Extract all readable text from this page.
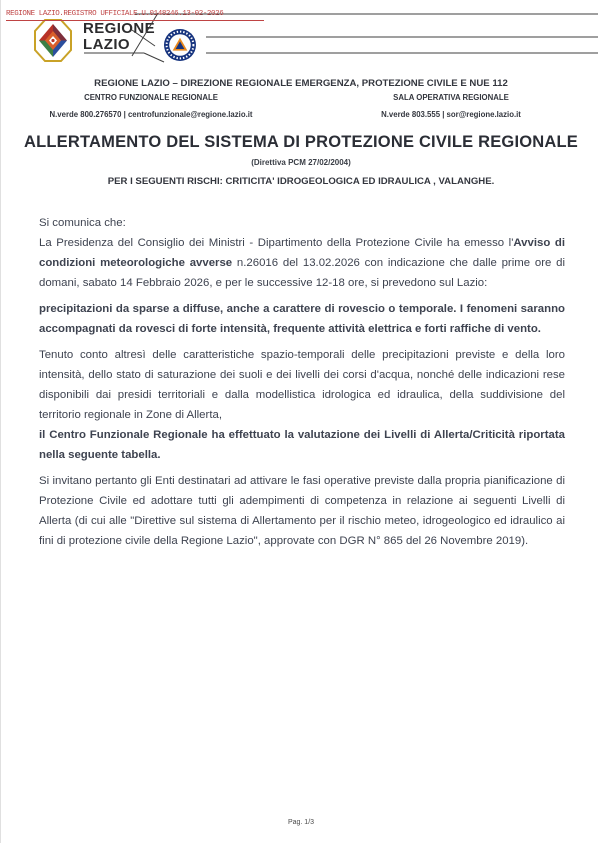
REGIONE LAZIO.REGISTRO UFFICIALE.U.0148246.13-02-2026
REGIONE
LAZIO
REGIONE LAZIO – DIREZIONE REGIONALE EMERGENZA, PROTEZIONE CIVILE E NUE 112
CENTRO FUNZIONALE REGIONALE
N.verde 800.276570 | centrofunzionale@regione.lazio.it
SALA OPERATIVA REGIONALE
N.verde 803.555 | sor@regione.lazio.it
ALLERTAMENTO DEL SISTEMA DI PROTEZIONE CIVILE REGIONALE
(Direttiva PCM 27/02/2004)
PER I SEGUENTI RISCHI: CRITICITA' IDROGEOLOGICA ED IDRAULICA , VALANGHE.

Si comunica che:

La Presidenza del Consiglio dei Ministri - Dipartimento della Protezione Civile ha emesso l'Avviso di condizioni meteorologiche avverse n.26016 del 13.02.2026 con indicazione che dalle prime ore di domani, sabato 14 Febbraio 2026, e per le successive 12-18 ore, si prevedono sul Lazio:

precipitazioni da sparse a diffuse, anche a carattere di rovescio o temporale. I fenomeni saranno accompagnati da rovesci di forte intensità, frequente attività elettrica e forti raffiche di vento.

Tenuto conto altresì delle caratteristiche spazio-temporali delle precipitazioni previste e della loro intensità, dello stato di saturazione dei suoli e dei livelli dei corsi d'acqua, nonché delle indicazioni rese disponibili dai presidi territoriali e dalla modellistica idrologica ed idraulica, della suddivisione del territorio regionale in Zone di Allerta,

il Centro Funzionale Regionale ha effettuato la valutazione dei Livelli di Allerta/Criticità riportata nella seguente tabella.

Si invitano pertanto gli Enti destinatari ad attivare le fasi operative previste dalla propria pianificazione di Protezione Civile ed adottare tutti gli adempimenti di competenza in relazione ai seguenti Livelli di Allerta (di cui alle "Direttive sul sistema di Allertamento per il rischio meteo, idrogeologico ed idraulico ai fini di protezione civile della Regione Lazio", approvate con DGR N° 865 del 26 Novembre 2019).

Pag. 1/3
